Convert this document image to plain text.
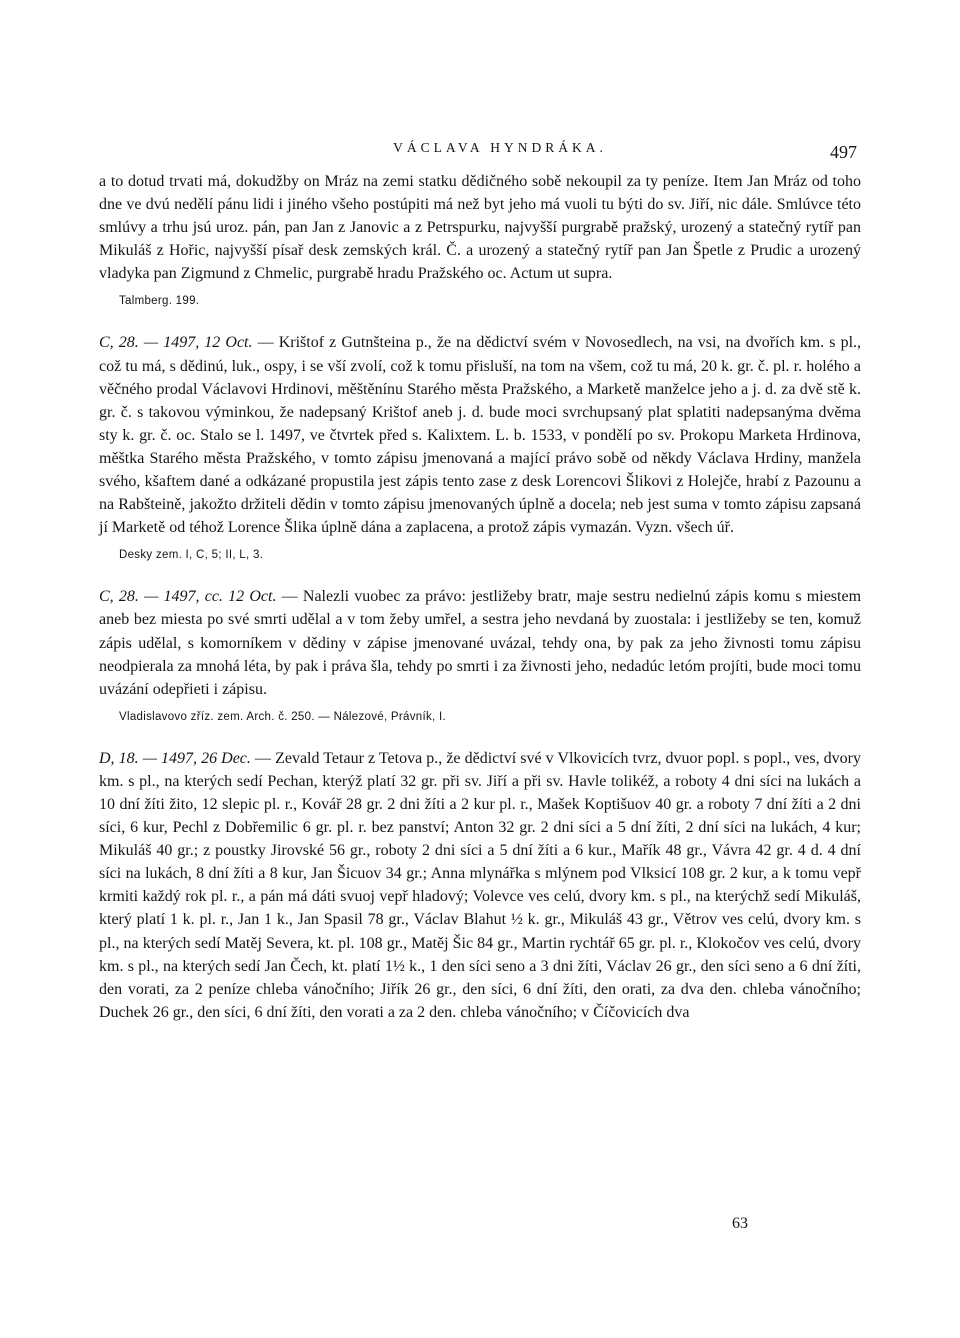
VÁCLAVA HYNDRÁKA.	497

a to dotud trvati má, dokudžby on Mráz na zemi statku dědičného sobě nekoupil za ty peníze. Item Jan Mráz od toho dne ve dvú nedělí pánu lidi i jiného všeho postúpiti má než byt jeho má vuoli tu býti do sv. Jiří, nic dále. Smlúvce této smlúvy a trhu jsú uroz. pán, pan Jan z Janovic a z Petrspurku, najvyšší purgrabě pražský, urozený a statečný rytíř pan Mikuláš z Hořic, najvyšší písař desk zemských král. Č. a urozený a statečný rytíř pan Jan Špetle z Prudic a urozený vladyka pan Zigmund z Chmelic, purgrabě hradu Pražského oc. Actum ut supra.

Talmberg. 199.

C, 28. — 1497, 12 Oct. — Krištof z Gutnšteina p., že na dědictví svém v Novosedlech, na vsi, na dvořích km. s pl., což tu má, s dědinú, luk., ospy, i se vší zvolí, což k tomu přisluší, na tom na všem, což tu má, 20 k. gr. č. pl. r. holého a věčného prodal Václavovi Hrdinovi, měštěnínu Starého města Pražského, a Marketě manželce jeho a j. d. za dvě stě k. gr. č. s takovou výminkou, že nadepsaný Krištof aneb j. d. bude moci svrchupsaný plat splatiti nadepsanýma dvěma sty k. gr. č. oc. Stalo se l. 1497, ve čtvrtek před s. Kalixtem. L. b. 1533, v pondělí po sv. Prokopu Marketa Hrdinova, měštka Starého města Pražského, v tomto zápisu jmenovaná a mající právo sobě od někdy Václava Hrdiny, manžela svého, kšaftem dané a odkázané propustila jest zápis tento zase z desk Lorencovi Šlikovi z Holejče, hrabí z Pazounu a na Rabšteině, jakožto držiteli dědin v tomto zápisu jmenovaných úplně a docela; neb jest suma v tomto zápisu zapsaná jí Marketě od téhož Lorence Šlika úplně dána a zaplacena, a protož zápis vymazán. Vyzn. všech úř.

Desky zem. I, C, 5; II, L, 3.

C, 28. — 1497, cc. 12 Oct. — Nalezli vuobec za právo: jestližeby bratr, maje sestru nedielnú zápis komu s miestem aneb bez miesta po své smrti udělal a v tom žeby umřel, a sestra jeho nevdaná by zuostala: i jestližeby se ten, komuž zápis udělal, s komorníkem v dědiny v zápise jmenované uvázal, tehdy ona, by pak za jeho živnosti tomu zápisu neodpierala za mnohá léta, by pak i práva šla, tehdy po smrti i za živnosti jeho, nedadúc letóm projíti, bude moci tomu uvázání odepřieti i zápisu.

Vladislavovo zříz. zem. Arch. č. 250. — Nálezové, Právník, I.

D, 18. — 1497, 26 Dec. — Zevald Tetaur z Tetova p., že dědictví své v Vlkovicích tvrz, dvuor popl. s popl., ves, dvory km. s pl., na kterých sedí Pechan, kterýž platí 32 gr. při sv. Jiří a při sv. Havle tolikéž, a roboty 4 dni síci na lukách a 10 dní žíti žito, 12 slepic pl. r., Kovář 28 gr. 2 dni žíti a 2 kur pl. r., Mašek Koptišuov 40 gr. a roboty 7 dní žíti a 2 dni síci, 6 kur, Pechl z Dobřemilic 6 gr. pl. r. bez panství; Anton 32 gr. 2 dni síci a 5 dní žíti, 2 dní síci na lukách, 4 kur; Mikuláš 40 gr.; z poustky Jirovské 56 gr., roboty 2 dni síci a 5 dní žíti a 6 kur., Mařík 48 gr., Vávra 42 gr. 4 d. 4 dní síci na lukách, 8 dní žíti a 8 kur, Jan Šicuov 34 gr.; Anna mlynářka s mlýnem pod Vlksicí 108 gr. 2 kur, a k tomu vepř krmiti každý rok pl. r., a pán má dáti svuoj vepř hladový; Volevce ves celú, dvory km. s pl., na kterýchž sedí Mikuláš, který platí 1 k. pl. r., Jan 1 k., Jan Spasil 78 gr., Václav Blahut ½ k. gr., Mikuláš 43 gr., Větrov ves celú, dvory km. s pl., na kterých sedí Matěj Severa, kt. pl. 108 gr., Matěj Šic 84 gr., Martin rychtář 65 gr. pl. r., Klokočov ves celú, dvory km. s pl., na kterých sedí Jan Čech, kt. platí 1½ k., 1 den síci seno a 3 dni žíti, Václav 26 gr., den síci seno a 6 dní žíti, den vorati, za 2 peníze chleba vánočního; Jiřík 26 gr., den síci, 6 dní žíti, den orati, za dva den. chleba vánočního; Duchek 26 gr., den síci, 6 dní žíti, den vorati a za 2 den. chleba vánočního; v Číčovicích dva

63
